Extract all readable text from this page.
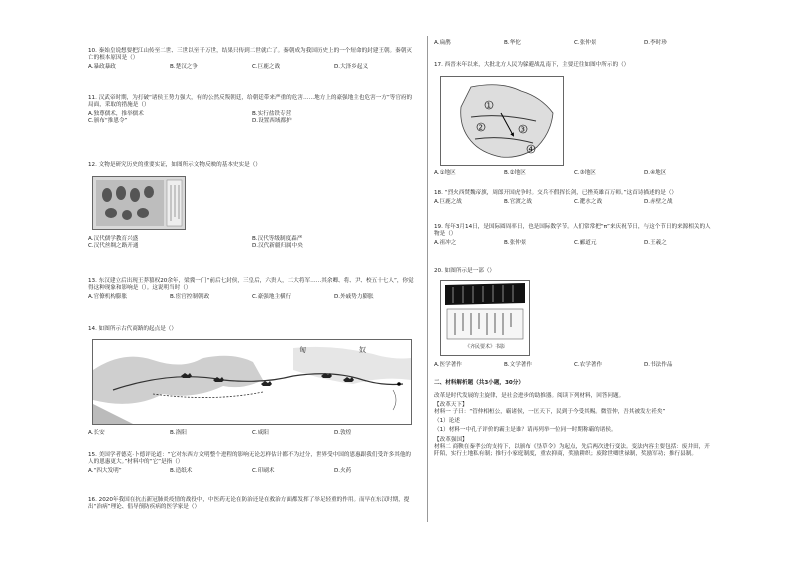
10. 秦始皇说想要把江山传至二世、三世以至千万世，结果只传到二世就亡了。秦朝成为我国历史上的一个短命的封建王朝。秦朝灭亡的根本原因是（）
A.暴政暴政	B.楚汉之争	C.巨鹿之战	D.大泽乡起义
11. 汉武帝时期，为打破“诸侯王势力强大，有的公然反叛朝廷，给朝廷带来严重的危害……地方上的豪强地主也危害一方”等官府的局面，采取的措施是（）
A.独尊儒术，推举儒术	B.实行盐铁专营
C.颁布“推恩令”	D.设置西域都护
12. 文物是研究历史的重要实证，如图所示文物反映的基本史实是（）
A.汉代儒学教育兴盛	B.汉代等级制度森严
C.汉代丝绸之路开通	D.汉代新疆归属中央
13. 东汉建立后出现王莽篡权20余年，梁冀一门“前后七封侯，三皇后，六贵人，二大将军……其余卿、将、尹、校五十七人”，你觉得这种现象和影响是（）。这说明当时（）
A.官僚机构膨胀	B.宦官控制朝政	C.豪强地主横行	D.外戚势力膨胀
14. 如图所示古代商路的起点是（）
匈	奴
A.长安	B.洛阳	C.咸阳	D.敦煌
15. 美国学者德克·卜德评论道：“它对东西方文明整个进程的影响无论怎样估计都不为过分，世界受中国的恩惠跟我们受许多其他的人的恩惠更大。”材料中的“它”是指（）
A.“四大发明”	B.造纸术	C.印刷术	D.火药
16. 2020年我国在抗击新冠肺炎疫情的战役中，中医药无论在防治还是在救治方面都发挥了举足轻重的作用。而早在东汉时期，提出“治病”理论、倡导预防疾病的医学家是（）
A.扁鹊	B.华佗	C.张仲景	D.李时珍
17. 西晋末年以来，大批北方人民为躲避战乱南下，主要迁往如图中所示的（）
1
2	3
4
A.①地区	B.②地区	C.③地区	D.④地区
18. “烈火西焚魏帝旗，周郎开国虎争时。交兵不假挥长剑，已挫英雄百万师。”这首诗描述的是（）
A.巨鹿之战	B.官渡之战	C.淝水之战	D.赤壁之战
19. 每年3月14日，是国际圆周率日，也是国际数学节。人们常常把“π”来庆祝节日，与这个节日的来源相关的人物是（）
A.祖冲之	B.张仲景	C.郦道元	D.王羲之
20. 如图所示是一部（）
《齐民要术》书影
A.医学著作	B.文学著作	C.农学著作	D.书法作品
二、材料解析题（共3小题，30分）
改革是时代发展的主旋律，是社会进步的助推器。阅读下列材料，回答问题。
【改革天下】
材料一 子曰：“管仲相桓公，霸诸侯，一匡天下，民到于今受其赐。微管仲，吾其被发左衽矣”
（1）论述
（1）材料一中孔子评价的霸主是谁？请再列举一位同一时期称霸的诸侯。
【改革强国】
材料二 商鞅在秦孝公的支持下，以颁布《垦草令》为起点，先后两次进行变法。变法内容主要包括：废井田，开阡陌，实行土地私有制；推行小家庭制度，重农抑商，奖励耕织；废除世卿世禄制，奖励军功；推行县制。
